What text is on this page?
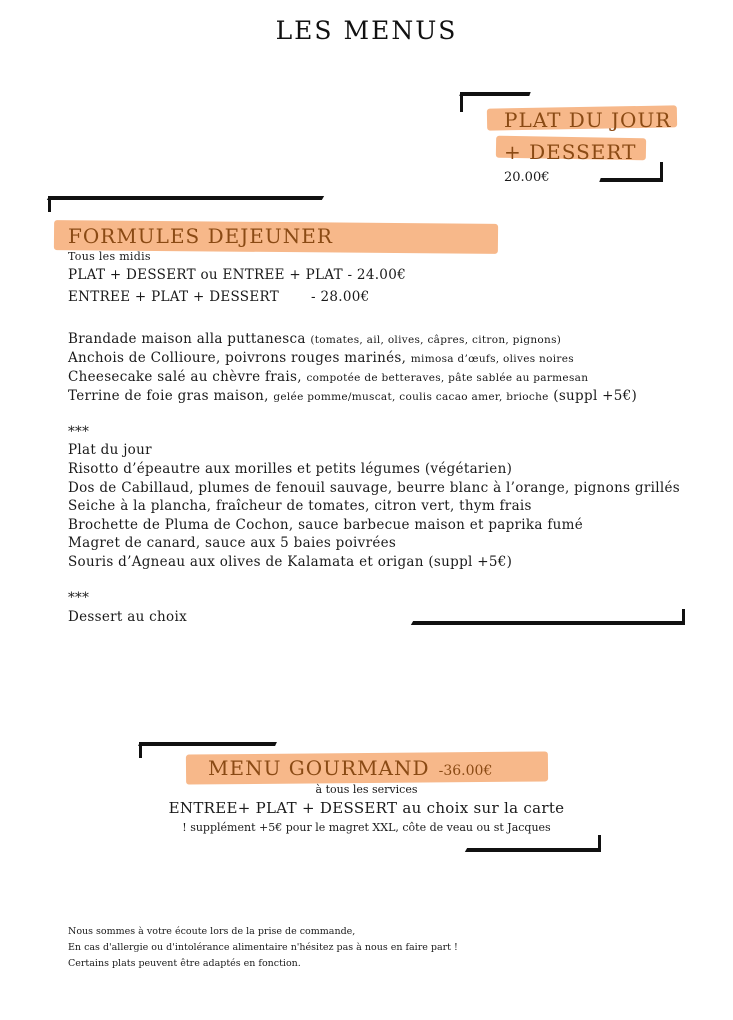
LES MENUS
PLAT DU JOUR
+ DESSERT
20.00€
FORMULES DEJEUNER
Tous les midis
PLAT + DESSERT ou ENTREE + PLAT - 24.00€
ENTREE + PLAT + DESSERT - 28.00€
Brandade maison alla puttanesca (tomates, ail, olives, câpres, citron, pignons)
Anchois de Collioure, poivrons rouges marinés, mimosa d’œufs, olives noires
Cheesecake salé au chèvre frais, compotée de betteraves, pâte sablée au parmesan
Terrine de foie gras maison, gelée pomme/muscat, coulis cacao amer, brioche (suppl +5€)
***
Plat du jour
Risotto d’épeautre aux morilles et petits légumes (végétarien)
Dos de Cabillaud, plumes de fenouil sauvage, beurre blanc à l’orange, pignons grillés
Seiche à la plancha, fraîcheur de tomates, citron vert, thym frais
Brochette de Pluma de Cochon, sauce barbecue maison et paprika fumé
Magret de canard, sauce aux 5 baies poivrées
Souris d’Agneau aux olives de Kalamata et origan (suppl +5€)
***
Dessert au choix
MENU GOURMAND -36.00€
à tous les services
ENTREE+ PLAT + DESSERT au choix sur la carte
! supplément +5€ pour le magret XXL, côte de veau ou st Jacques
Nous sommes à votre écoute lors de la prise de commande,
En cas d'allergie ou d'intolérance alimentaire n'hésitez pas à nous en faire part !
Certains plats peuvent être adaptés en fonction.
